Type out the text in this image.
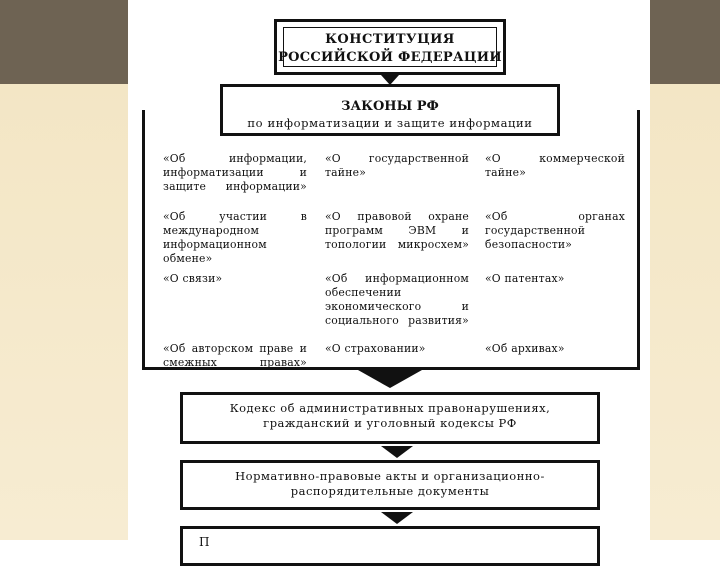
КОНСТИТУЦИЯ
РОССИЙСКОЙ ФЕДЕРАЦИИ
«Об информации, информатизации и защите информации»
«О государственной тайне»
«О коммерческой тайне»
«Об участии в международном информационном обмене»
«О правовой охране программ ЭВМ и топологии микросхем»
«Об органах государственной безопасности»
«О связи»	«Об информационном обеспечении экономического и социального развития»
«О патентах»
«Об авторском праве и смежных правах»
«О страховании»	«Об архивах»
ЗАКОНЫ РФ
по информатизации и защите информации
Кодекс об административных правонарушениях,
гражданский и уголовный кодексы РФ
Нормативно-правовые акты и организационно-
распорядительные документы
П
